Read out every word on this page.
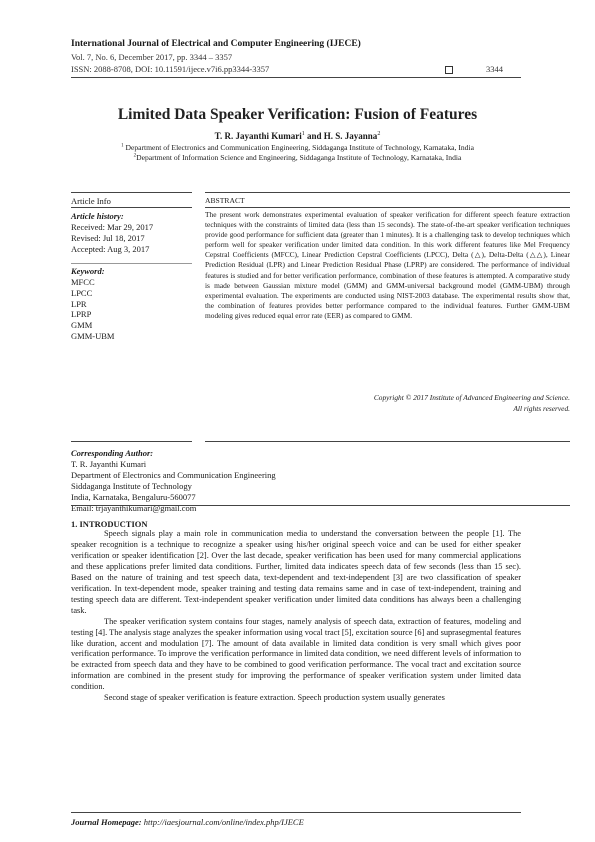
International Journal of Electrical and Computer Engineering (IJECE)
Vol. 7, No. 6, December 2017, pp. 3344 – 3357
ISSN: 2088-8708, DOI: 10.11591/ijece.v7i6.pp3344-3357	3344
Limited Data Speaker Verification: Fusion of Features
T. R. Jayanthi Kumari$^1$ and H. S. Jayanna$^2$
$^1$ Department of Electronics and Communication Engineering, Siddaganga Institute of Technology, Karnataka, India
$^2$Department of Information Science and Engineering, Siddaganga Institute of Technology, Karnataka, India
Article Info	ABSTRACT
Article history:
Received: Mar 29, 2017
Revised: Jul 18, 2017
Accepted: Aug 3, 2017
Keyword:
MFCC
LPCC
LPR
LPRP
GMM
GMM-UBM
The present work demonstrates experimental evaluation of speaker verification for different speech feature extraction techniques with the constraints of limited data (less than 15 seconds). The state-of-the-art speaker verification techniques provide good performance for sufficient data (greater than 1 minutes). It is a challenging task to develop techniques which perform well for speaker verification under limited data condition. In this work different features like Mel Frequency Cepstral Coefficients (MFCC), Linear Prediction Cepstral Coefficients (LPCC), Delta (△), Delta-Delta (△△), Linear Prediction Residual (LPR) and Linear Prediction Residual Phase (LPRP) are considered. The performance of individual features is studied and for better verification performance, combination of these features is attempted. A comparative study is made between Gaussian mixture model (GMM) and GMM-universal background model (GMM-UBM) through experimental evaluation. The experiments are conducted using NIST-2003 database. The experimental results show that, the combination of features provides better performance compared to the individual features. Further GMM-UBM modeling gives reduced equal error rate (EER) as compared to GMM.
Copyright © 2017 Institute of Advanced Engineering and Science.
All rights reserved.
Corresponding Author:
T. R. Jayanthi Kumari
Department of Electronics and Communication Engineering
Siddaganga Institute of Technology
India, Karnataka, Bengaluru-560077
Email: trjayanthikumari@gmail.com
1. INTRODUCTION

Speech signals play a main role in communication media to understand the conversation between the people [1]. The speaker recognition is a technique to recognize a speaker using his/her original speech voice and can be used for either speaker verification or speaker identification [2]. Over the last decade, speaker verification has been used for many commercial applications and these applications prefer limited data conditions. Further, limited data indicates speech data of few seconds (less than 15 sec). Based on the nature of training and test speech data, text-dependent and text-independent [3] are two classification of speaker verification. In text-dependent mode, speaker training and testing data remains same and in case of text-independent, training and testing speech data are different. Text-independent speaker verification under limited data conditions has always been a challenging task.

The speaker verification system contains four stages, namely analysis of speech data, extraction of features, modeling and testing [4]. The analysis stage analyzes the speaker information using vocal tract [5], excitation source [6] and suprasegmental features like duration, accent and modulation [7]. The amount of data available in limited data condition is very small which gives poor verification performance. To improve the verification performance in limited data condition, we need different levels of information to be extracted from speech data and they have to be combined to good verification performance. The vocal tract and excitation source information are combined in the present study for improving the performance of speaker verification system under limited data condition.

Second stage of speaker verification is feature extraction. Speech production system usually generates

Journal Homepage: http://iaesjournal.com/online/index.php/IJECE
